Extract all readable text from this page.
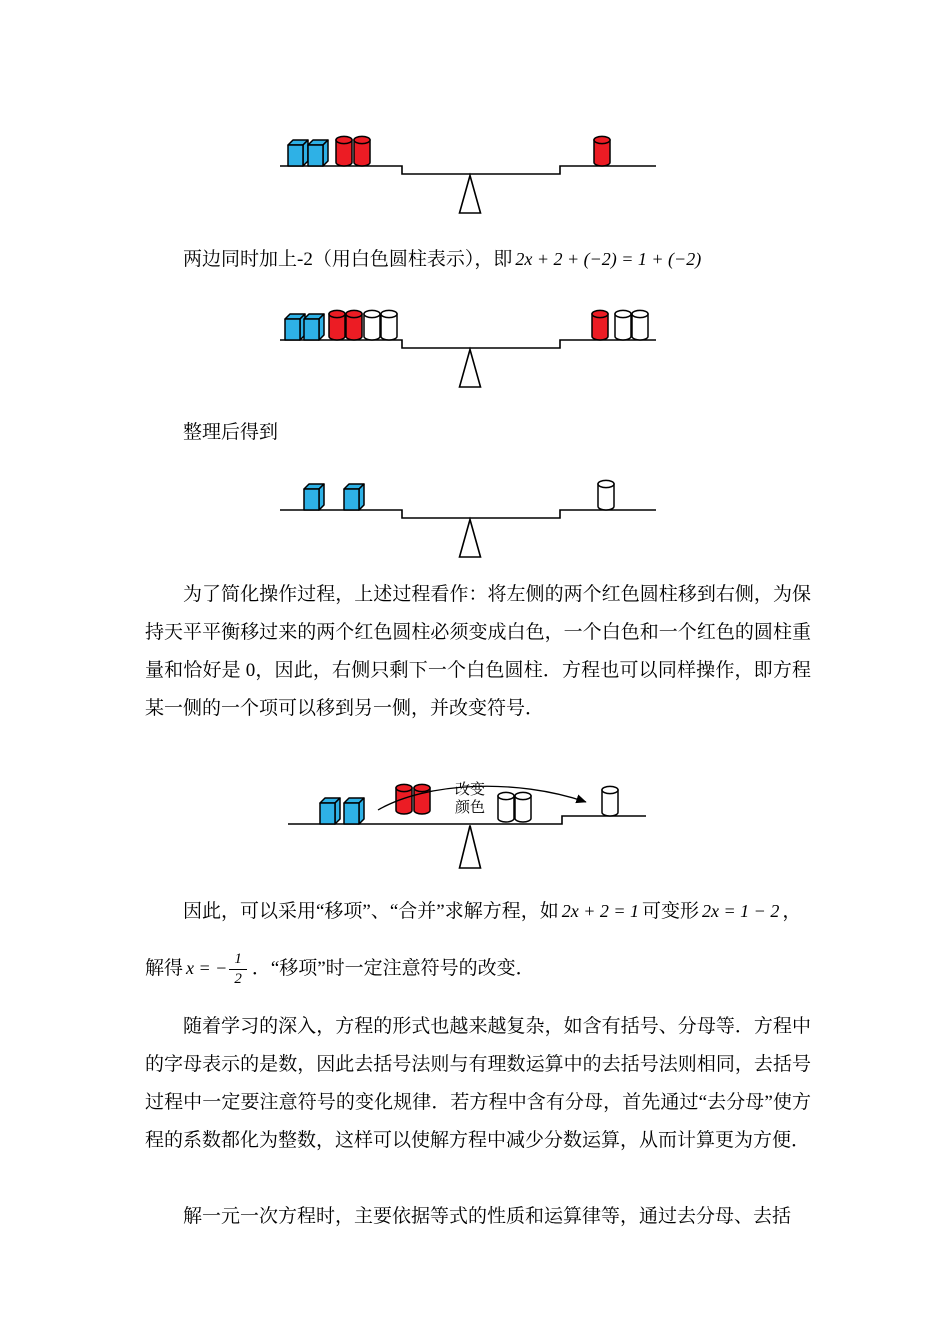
两边同时加上-2（用白色圆柱表示），即 2x + 2 + (−2) = 1 + (−2)

整理后得到

为了简化操作过程，上述过程看作：将左侧的两个红色圆柱移到右侧，为保持天平平衡移过来的两个红色圆柱必须变成白色，一个白色和一个红色的圆柱重量和恰好是 0，因此，右侧只剩下一个白色圆柱．方程也可以同样操作，即方程某一侧的一个项可以移到另一侧，并改变符号．

改变
颜色

因此，可以采用“移项”、“合并”求解方程，如 2x + 2 = 1 可变形 2x = 1 − 2 ，

解得 x = − $\frac{1}{2}$ ．“移项”时一定注意符号的改变．

随着学习的深入，方程的形式也越来越复杂，如含有括号、分母等．方程中的字母表示的是数，因此去括号法则与有理数运算中的去括号法则相同，去括号过程中一定要注意符号的变化规律．若方程中含有分母，首先通过“去分母”使方程的系数都化为整数，这样可以使解方程中减少分数运算，从而计算更为方便．

解一元一次方程时，主要依据等式的性质和运算律等，通过去分母、去括
